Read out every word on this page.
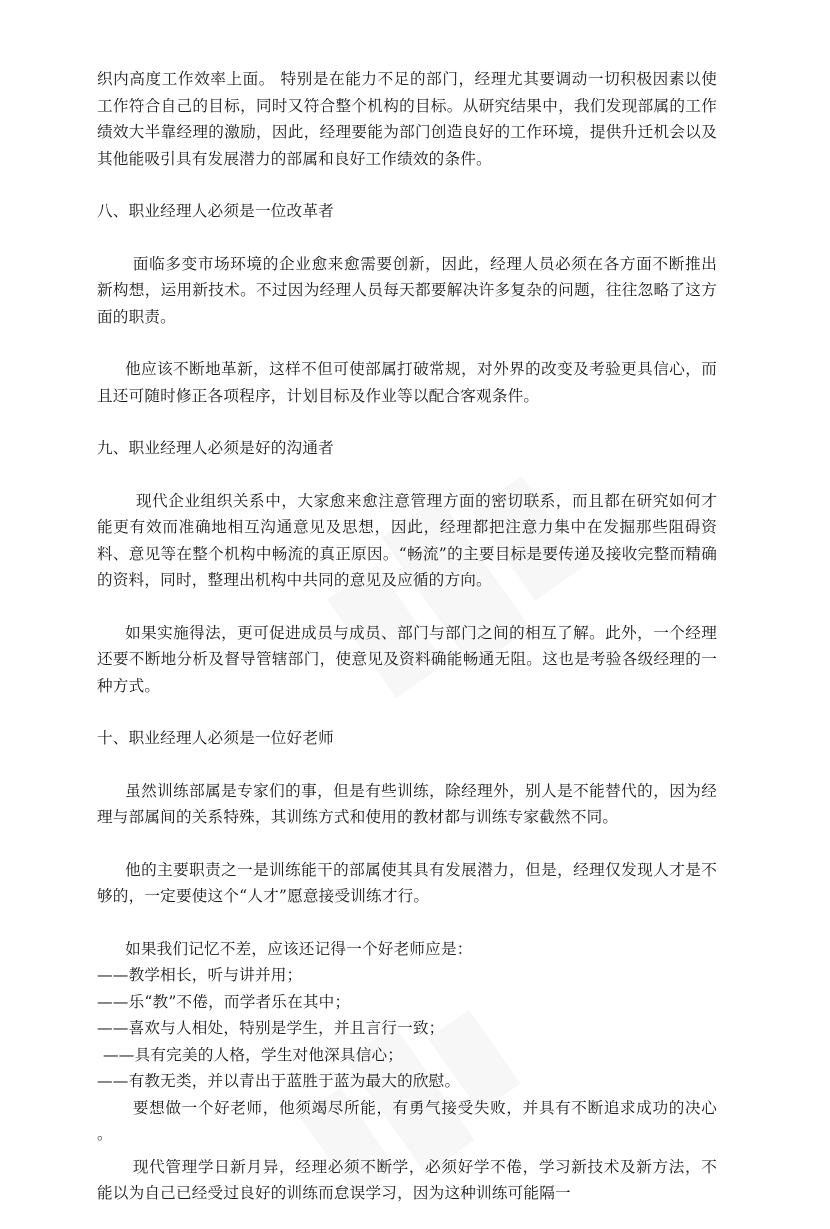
织内高度工作效率上面。 特别是在能力不足的部门，经理尤其要调动一切积极因素以使工作符合自己的目标，同时又符合整个机构的目标。从研究结果中，我们发现部属的工作绩效大半靠经理的激励，因此，经理要能为部门创造良好的工作环境，提供升迁机会以及其他能吸引具有发展潜力的部属和良好工作绩效的条件。

八、职业经理人必须是一位改革者

面临多变市场环境的企业愈来愈需要创新，因此，经理人员必须在各方面不断推出新构想，运用新技术。不过因为经理人员每天都要解决许多复杂的问题，往往忽略了这方面的职责。

他应该不断地革新，这样不但可使部属打破常规，对外界的改变及考验更具信心，而且还可随时修正各项程序，计划目标及作业等以配合客观条件。

九、职业经理人必须是好的沟通者

现代企业组织关系中，大家愈来愈注意管理方面的密切联系，而且都在研究如何才能更有效而准确地相互沟通意见及思想，因此，经理都把注意力集中在发掘那些阻碍资料、意见等在整个机构中畅流的真正原因。“畅流”的主要目标是要传递及接收完整而精确的资料，同时，整理出机构中共同的意见及应循的方向。

如果实施得法，更可促进成员与成员、部门与部门之间的相互了解。此外，一个经理还要不断地分析及督导管辖部门，使意见及资料确能畅通无阻。这也是考验各级经理的一种方式。

十、职业经理人必须是一位好老师

虽然训练部属是专家们的事，但是有些训练，除经理外，别人是不能替代的，因为经理与部属间的关系特殊，其训练方式和使用的教材都与训练专家截然不同。

他的主要职责之一是训练能干的部属使其具有发展潜力，但是，经理仅发现人才是不够的，一定要使这个“人才”愿意接受训练才行。

如果我们记忆不差，应该还记得一个好老师应是：

——教学相长，听与讲并用；
——乐“教”不倦，而学者乐在其中；
——喜欢与人相处，特别是学生，并且言行一致；
——具有完美的人格，学生对他深具信心；
——有教无类，并以青出于蓝胜于蓝为最大的欣慰。

要想做一个好老师，他须竭尽所能，有勇气接受失败，并具有不断追求成功的决心 。

现代管理学日新月异，经理必须不断学，必须好学不倦，学习新技术及新方法，不能以为自己已经受过良好的训练而怠误学习，因为这种训练可能隔一
